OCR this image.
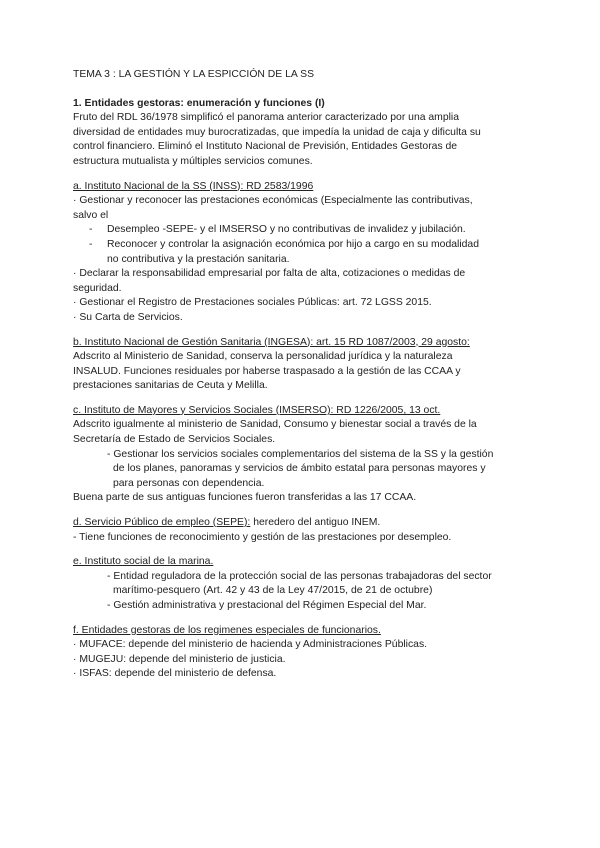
TEMA 3 : LA GESTIÓN Y LA ESPICCIÓN DE LA SS
1. Entidades gestoras: enumeración y funciones (I)
Fruto del RDL 36/1978 simplificó el panorama anterior caracterizado por una amplia
diversidad de entidades muy burocratizadas, que impedía la unidad de caja y dificulta su
control financiero. Eliminó el Instituto Nacional de Previsión, Entidades Gestoras de
estructura mutualista y múltiples servicios comunes.
a. Instituto Nacional de la SS (INSS): RD 2583/1996
· Gestionar y reconocer las prestaciones económicas (Especialmente las contributivas,
salvo el
- Desempleo -SEPE- y el IMSERSO y no contributivas de invalidez y jubilación.
- Reconocer y controlar la asignación económica por hijo a cargo en su modalidad
no contributiva y la prestación sanitaria.
· Declarar la responsabilidad empresarial por falta de alta, cotizaciones o medidas de
seguridad.
· Gestionar el Registro de Prestaciones sociales Públicas: art. 72 LGSS 2015.
· Su Carta de Servicios.
b. Instituto Nacional de Gestión Sanitaria (INGESA): art. 15 RD 1087/2003, 29 agosto:
Adscrito al Ministerio de Sanidad, conserva la personalidad jurídica y la naturaleza
INSALUD. Funciones residuales por haberse traspasado a la gestión de las CCAA y
prestaciones sanitarias de Ceuta y Melilla.
c. Instituto de Mayores y Servicios Sociales (IMSERSO): RD 1226/2005, 13 oct.
Adscrito igualmente al ministerio de Sanidad, Consumo y bienestar social a través de la
Secretaría de Estado de Servicios Sociales.
- Gestionar los servicios sociales complementarios del sistema de la SS y la gestión
de los planes, panoramas y servicios de ámbito estatal para personas mayores y
para personas con dependencia.
Buena parte de sus antiguas funciones fueron transferidas a las 17 CCAA.
d. Servicio Público de empleo (SEPE): heredero del antiguo INEM.
- Tiene funciones de reconocimiento y gestión de las prestaciones por desempleo.
e. Instituto social de la marina.
- Entidad reguladora de la protección social de las personas trabajadoras del sector
marítimo-pesquero (Art. 42 y 43 de la Ley 47/2015, de 21 de octubre)
- Gestión administrativa y prestacional del Régimen Especial del Mar.
f. Entidades gestoras de los regimenes especiales de funcionarios.
· MUFACE: depende del ministerio de hacienda y Administraciones Públicas.
· MUGEJU: depende del ministerio de justicia.
· ISFAS: depende del ministerio de defensa.
